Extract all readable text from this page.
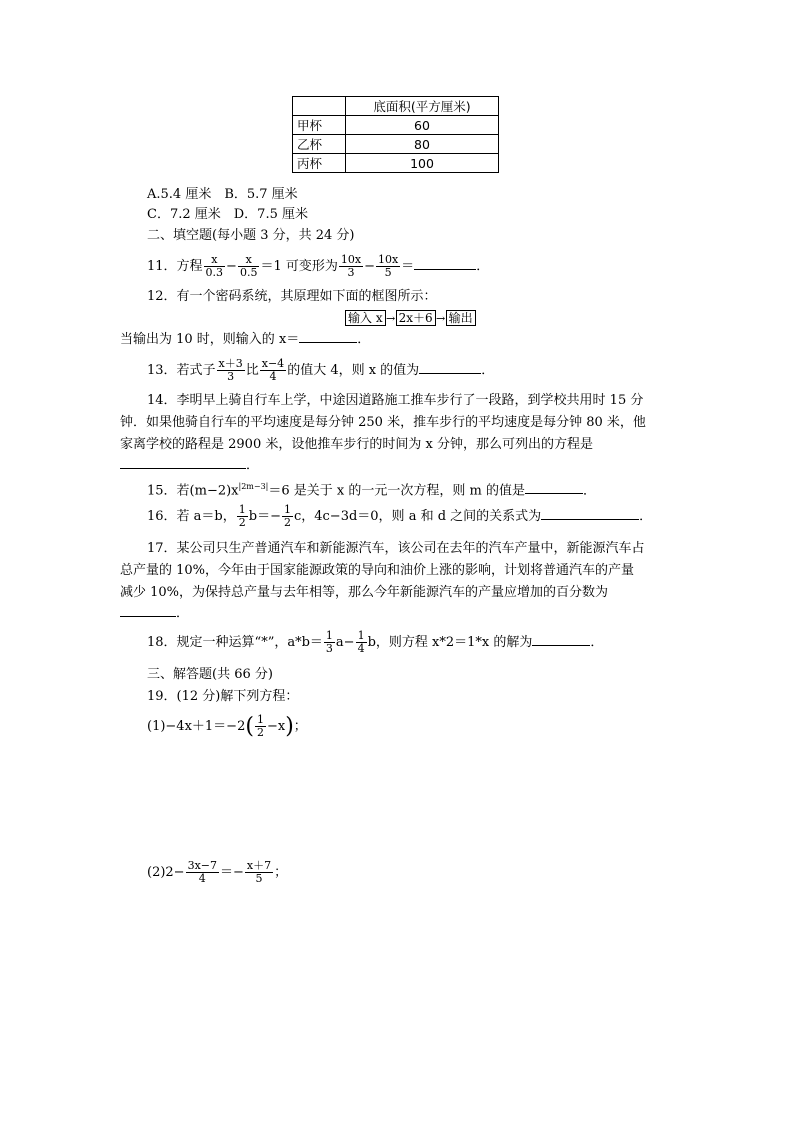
	底面积(平方厘米)
甲杯	60
乙杯	80
丙杯	100
A.5.4 厘米　B．5.7 厘米
C．7.2 厘米　D．7.5 厘米
二、填空题(每小题 3 分，共 24 分)
11．方程 $\frac{x}{0.3} - \frac{x}{0.5} =1$ 可变形为 $\frac{10x}{3} - \frac{10x}{5}$ ＝	．
12．有一个密码系统，其原理如下面的框图所示：
输入 x → 2x＋6 → 输出
当输出为 10 时，则输入的 x＝	．
13．若式子 $\frac{x+3}{3}$ 比 $\frac{x-4}{4}$ 的值大 4，则 x 的值为	．
14．李明早上骑自行车上学，中途因道路施工推车步行了一段路，到学校共用时 15 分
钟．如果他骑自行车的平均速度是每分钟 250 米，推车步行的平均速度是每分钟 80 米，他
家离学校的路程是 2900 米，设他推车步行的时间为 x 分钟，那么可列出的方程是
．
15．若$(m-2)x^{|2m-3|}=6$ 是关于 x 的一元一次方程，则 m 的值是	．
16．若 a＝b， $\frac{1}{2} b=- \frac{1}{2}$ c，4c−3d＝0，则 a 和 d 之间的关系式为	．
17．某公司只生产普通汽车和新能源汽车，该公司在去年的汽车产量中，新能源汽车占
总产量的 10%，今年由于国家能源政策的导向和油价上涨的影响，计划将普通汽车的产量
减少 10%，为保持总产量与去年相等，那么今年新能源汽车的产量应增加的百分数为
．
18．规定一种运算“*”，$a*b= \frac{1}{3} a- \frac{1}{4}$ b，则方程 x*2＝1*x 的解为	．
三、解答题(共 66 分)
19．(12 分)解下列方程：
$(1)-4x+1=-2( \frac{1}{2} -x)$；
$(2)2- \frac{3x-7}{4} =- \frac{x+7}{5}$ ；
